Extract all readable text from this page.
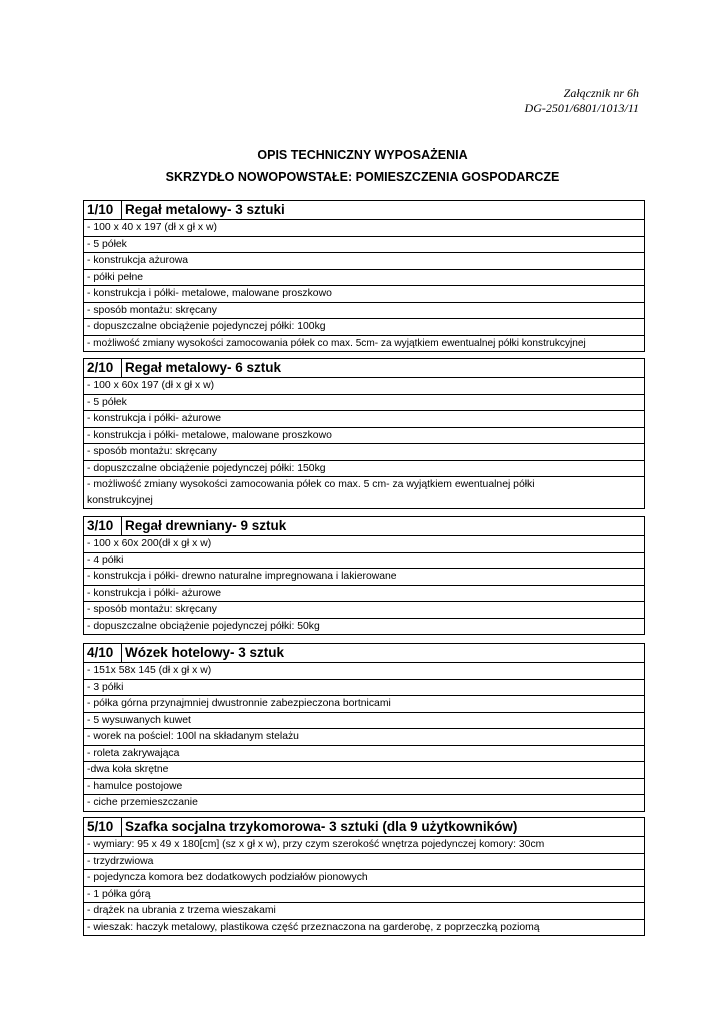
Załącznik nr 6h
DG-2501/6801/1013/11
OPIS TECHNICZNY WYPOSAŻENIA
SKRZYDŁO NOWOPOWSTAŁE: POMIESZCZENIA GOSPODARCZE
1/10	Regał metalowy- 3 sztuki
- 100 x 40 x 197 (dł x gł x w)
- 5 półek
- konstrukcja ażurowa
- półki pełne
- konstrukcja i półki- metalowe, malowane proszkowo
- sposób montażu: skręcany
- dopuszczalne obciążenie pojedynczej półki: 100kg
- możliwość zmiany wysokości zamocowania półek co max. 5cm- za wyjątkiem ewentualnej półki konstrukcyjnej
2/10	Regał metalowy- 6 sztuk
- 100 x 60x 197 (dł x gł x w)
- 5 półek
- konstrukcja i półki- ażurowe
- konstrukcja i półki- metalowe, malowane proszkowo
- sposób montażu: skręcany
- dopuszczalne obciążenie pojedynczej półki: 150kg
- możliwość zmiany wysokości zamocowania półek co max. 5 cm- za wyjątkiem ewentualnej półki konstrukcyjnej
3/10	Regał drewniany- 9 sztuk
- 100 x 60x 200(dł x gł x w)
- 4 półki
- konstrukcja i półki- drewno naturalne impregnowana i lakierowane
- konstrukcja i półki- ażurowe
- sposób montażu: skręcany
- dopuszczalne obciążenie pojedynczej półki: 50kg
4/10	Wózek hotelowy- 3 sztuk
- 151x 58x 145 (dł x gł x w)
- 3 półki
- półka górna przynajmniej dwustronnie zabezpieczona bortnicami
- 5 wysuwanych kuwet
- worek na pościel: 100l na składanym stelażu
- roleta zakrywająca
-dwa koła skrętne
- hamulce postojowe
- ciche przemieszczanie
5/10	Szafka socjalna trzykomorowa- 3 sztuki (dla 9 użytkowników)
- wymiary: 95 x 49 x 180[cm] (sz x gł x w), przy czym szerokość wnętrza pojedynczej komory: 30cm
- trzydrzwiowa
- pojedyncza komora bez dodatkowych podziałów pionowych
- 1 półka górą
- drążek na ubrania z trzema wieszakami
- wieszak: haczyk metalowy, plastikowa część przeznaczona na garderobę, z poprzeczką poziomą
